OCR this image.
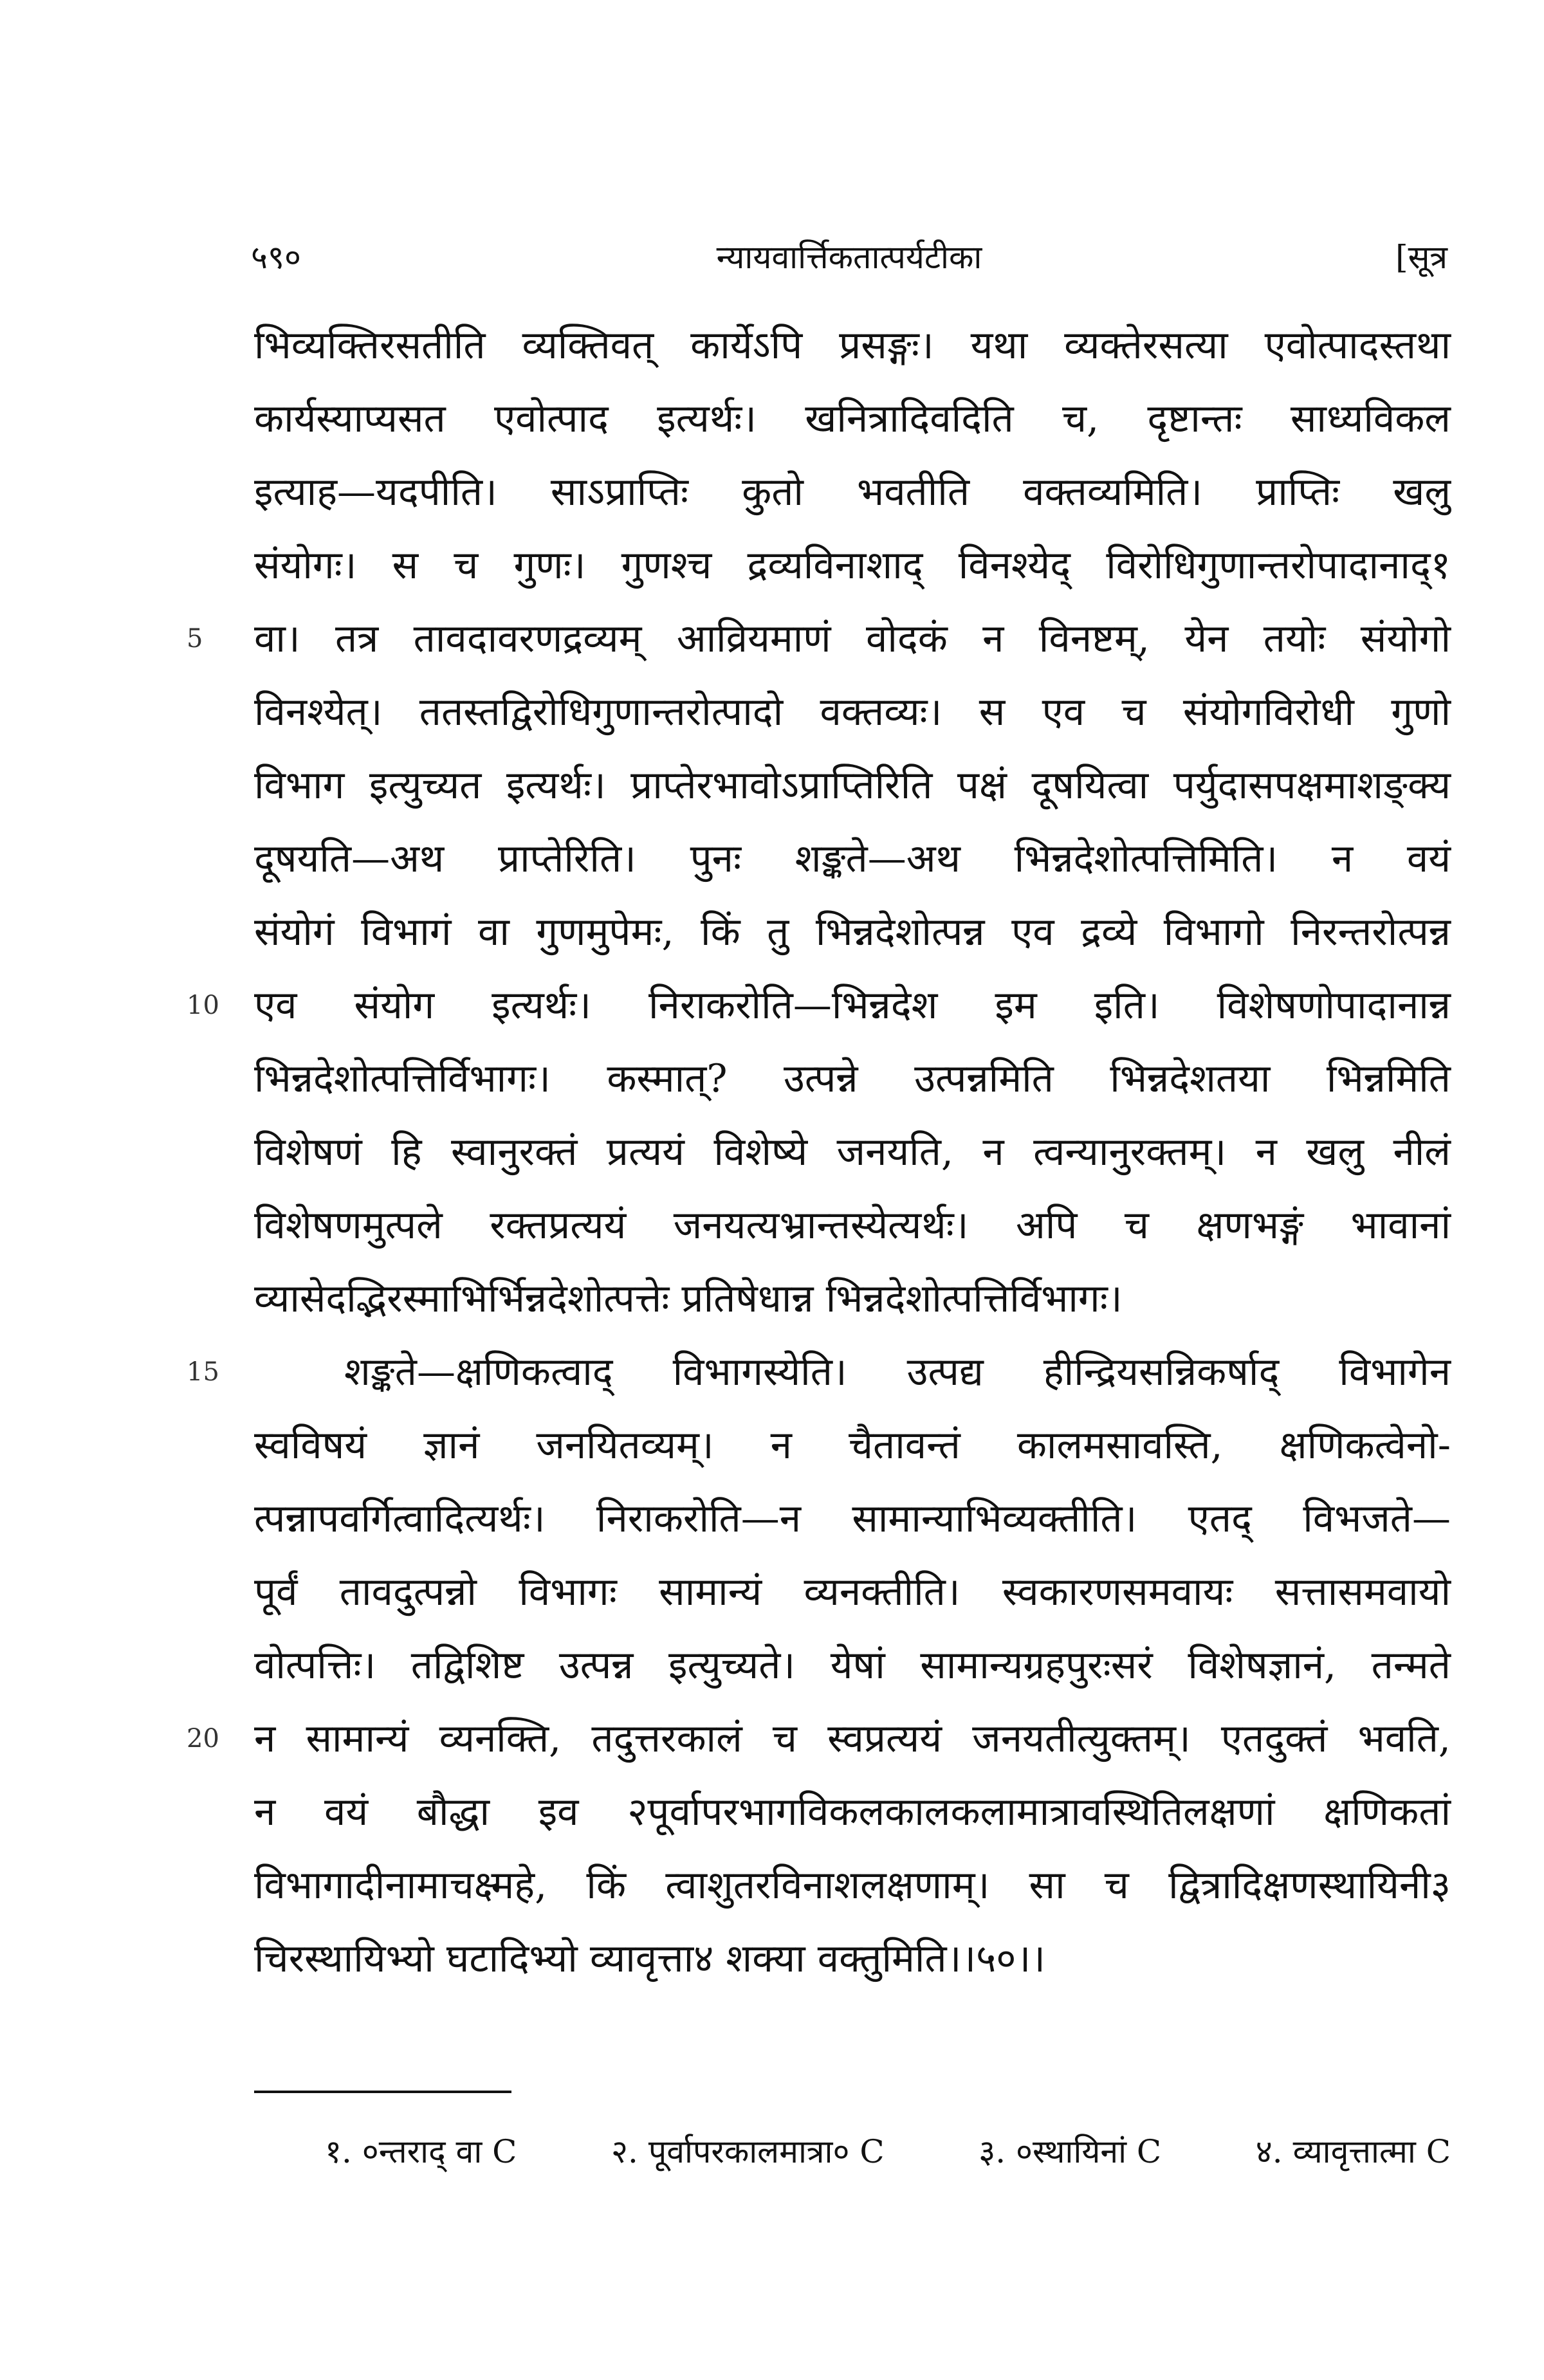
५९०	न्यायवार्त्तिकतात्पर्यटीका	[सूत्र
भिव्यक्तिरसतीति व्यक्तिवत् कार्येऽपि प्रसङ्गः। यथा व्यक्तेरसत्या एवोत्पादस्तथा
कार्यस्याप्यसत एवोत्पाद इत्यर्थः। खनित्रादिवदिति च, दृष्टान्तः साध्यविकल
इत्याह—यदपीति। साऽप्राप्तिः कुतो भवतीति वक्तव्यमिति। प्राप्तिः खलु
संयोगः। स च गुणः। गुणश्च द्रव्यविनाशाद् विनश्येद् विरोधिगुणान्तरोपादानाद्१
5 वा। तत्र तावदावरणद्रव्यम् आव्रियमाणं वोदकं न विनष्टम्, येन तयोः संयोगो
विनश्येत्। ततस्तद्विरोधिगुणान्तरोत्पादो वक्तव्यः। स एव च संयोगविरोधी गुणो
विभाग इत्युच्यत इत्यर्थः। प्राप्तेरभावोऽप्राप्तिरिति पक्षं दूषयित्वा पर्युदासपक्षमाशङ्क्य
दूषयति—अथ प्राप्तेरिति। पुनः शङ्कते—अथ भिन्नदेशोत्पत्तिमिति। न वयं
संयोगं विभागं वा गुणमुपेमः, किं तु भिन्नदेशोत्पन्न एव द्रव्ये विभागो निरन्तरोत्पन्न
10 एव संयोग इत्यर्थः। निराकरोति—भिन्नदेश इम इति। विशेषणोपादानान्न
भिन्नदेशोत्पत्तिर्विभागः। कस्मात्? उत्पन्ने उत्पन्नमिति भिन्नदेशतया भिन्नमिति
विशेषणं हि स्वानुरक्तं प्रत्ययं विशेष्ये जनयति, न त्वन्यानुरक्तम्। न खलु नीलं
विशेषणमुत्पले रक्तप्रत्ययं जनयत्यभ्रान्तस्येत्यर्थः। अपि च क्षणभङ्गं भावानां
व्यासेदद्भिरस्माभिर्भिन्नदेशोत्पत्तेः प्रतिषेधान्न भिन्नदेशोत्पत्तिर्विभागः।
15	शङ्कते—क्षणिकत्वाद् विभागस्येति। उत्पद्य हीन्द्रियसन्निकर्षाद् विभागेन
स्वविषयं ज्ञानं जनयितव्यम्। न चैतावन्तं कालमसावस्ति, क्षणिकत्वेनो-
त्पन्नापवर्गित्वादित्यर्थः। निराकरोति—न सामान्याभिव्यक्तीति। एतद् विभजते—
पूर्वं तावदुत्पन्नो विभागः सामान्यं व्यनक्तीति। स्वकारणसमवायः सत्तासमवायो
वोत्पत्तिः। तद्विशिष्ट उत्पन्न इत्युच्यते। येषां सामान्यग्रहपुरःसरं विशेषज्ञानं, तन्मते
20 न सामान्यं व्यनक्ति, तदुत्तरकालं च स्वप्रत्ययं जनयतीत्युक्तम्। एतदुक्तं भवति,
न वयं बौद्धा इव २पूर्वापरभागविकलकालकलामात्रावस्थितिलक्षणां क्षणिकतां
विभागादीनामाचक्ष्महे, किं त्वाशुतरविनाशलक्षणाम्। सा च द्वित्रादिक्षणस्थायिनी३
चिरस्थायिभ्यो घटादिभ्यो व्यावृत्ता४ शक्या वक्तुमिति।।५०।।
१. ०न्तराद् वा C	२. पूर्वापरकालमात्रा० C	३. ०स्थायिनां C	४. व्यावृत्तात्मा C
